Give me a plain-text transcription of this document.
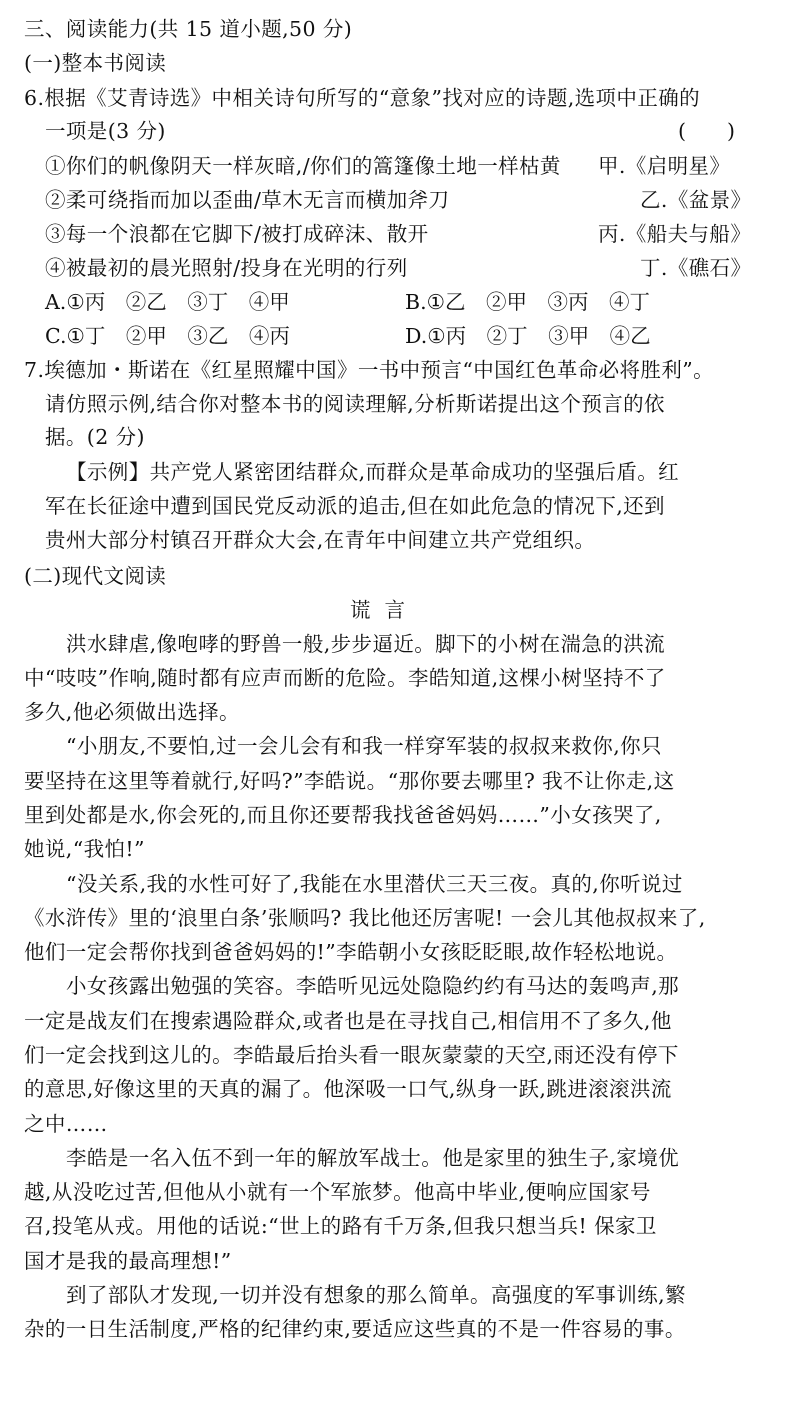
三、阅读能力(共 15 道小题,50 分)
(一)整本书阅读
6.根据《艾青诗选》中相关诗句所写的“意象”找对应的诗题,选项中正确的
一项是(3 分)	(　　)
①你们的帆像阴天一样灰暗,/你们的篙篷像土地一样枯黄 甲.《启明星》
②柔可绕指而加以歪曲/草木无言而横加斧刀	乙.《盆景》
③每一个浪都在它脚下/被打成碎沫、散开	丙.《船夫与船》
④被最初的晨光照射/投身在光明的行列	丁.《礁石》
A.①丙　②乙　③丁　④甲	B.①乙　②甲　③丙　④丁
C.①丁　②甲　③乙　④丙	D.①丙　②丁　③甲　④乙
7.埃德加・斯诺在《红星照耀中国》一书中预言“中国红色革命必将胜利”。
请仿照示例,结合你对整本书的阅读理解,分析斯诺提出这个预言的依
据。(2 分)
【示例】共产党人紧密团结群众,而群众是革命成功的坚强后盾。红
军在长征途中遭到国民党反动派的追击,但在如此危急的情况下,还到
贵州大部分村镇召开群众大会,在青年中间建立共产党组织。
(二)现代文阅读
谎言
洪水肆虐,像咆哮的野兽一般,步步逼近。脚下的小树在湍急的洪流
中“吱吱”作响,随时都有应声而断的危险。李皓知道,这棵小树坚持不了
多久,他必须做出选择。
“小朋友,不要怕,过一会儿会有和我一样穿军装的叔叔来救你,你只
要坚持在这里等着就行,好吗?”李皓说。“那你要去哪里? 我不让你走,这
里到处都是水,你会死的,而且你还要帮我找爸爸妈妈……”小女孩哭了,
她说,“我怕!”
“没关系,我的水性可好了,我能在水里潜伏三天三夜。真的,你听说过
《水浒传》里的‘浪里白条’张顺吗? 我比他还厉害呢! 一会儿其他叔叔来了,
他们一定会帮你找到爸爸妈妈的!”李皓朝小女孩眨眨眼,故作轻松地说。
小女孩露出勉强的笑容。李皓听见远处隐隐约约有马达的轰鸣声,那
一定是战友们在搜索遇险群众,或者也是在寻找自己,相信用不了多久,他
们一定会找到这儿的。李皓最后抬头看一眼灰蒙蒙的天空,雨还没有停下
的意思,好像这里的天真的漏了。他深吸一口气,纵身一跃,跳进滚滚洪流
之中……
李皓是一名入伍不到一年的解放军战士。他是家里的独生子,家境优
越,从没吃过苦,但他从小就有一个军旅梦。他高中毕业,便响应国家号
召,投笔从戎。用他的话说:“世上的路有千万条,但我只想当兵! 保家卫
国才是我的最高理想!”
到了部队才发现,一切并没有想象的那么简单。高强度的军事训练,繁
杂的一日生活制度,严格的纪律约束,要适应这些真的不是一件容易的事。
